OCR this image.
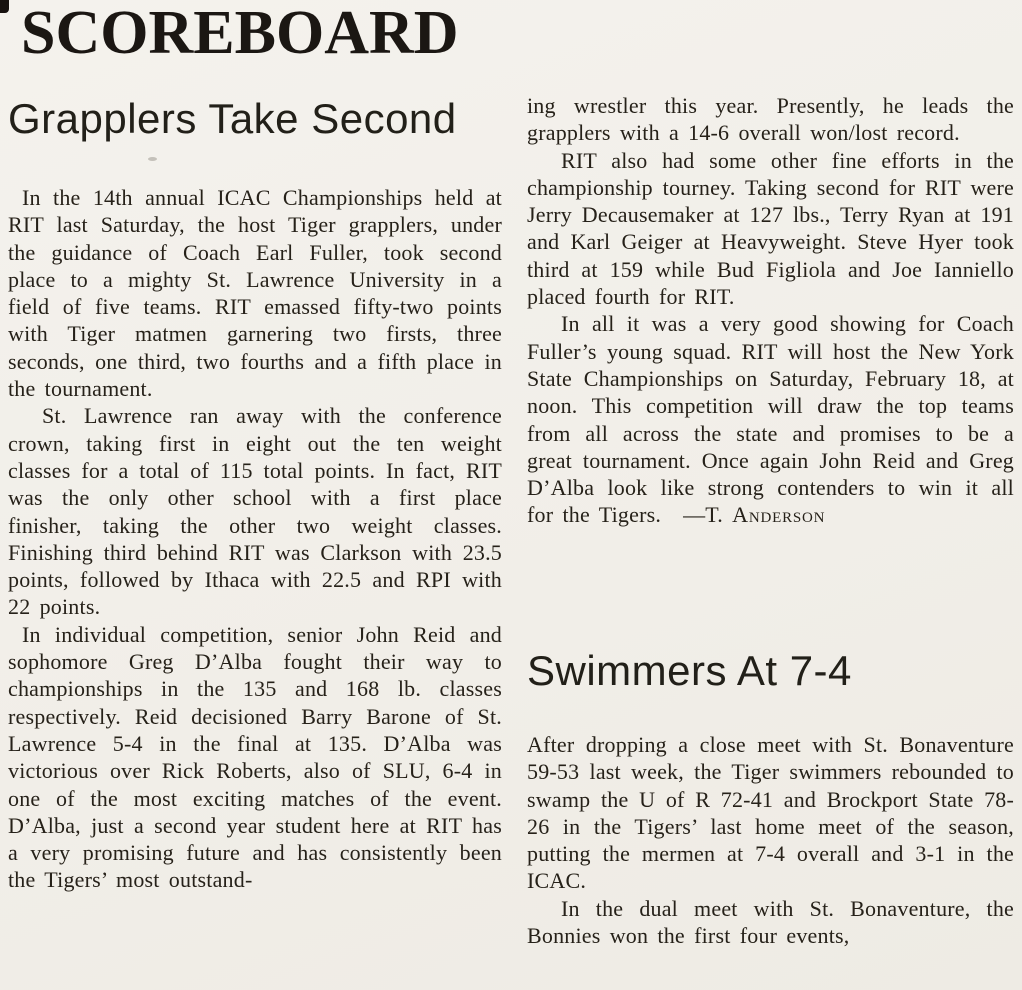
SCOREBOARD
Grapplers Take Second

In the 14th annual ICAC Championships held at RIT last Saturday, the host Tiger grapplers, under the guidance of Coach Earl Fuller, took second place to a mighty St. Lawrence University in a field of five teams. RIT emassed fifty-two points with Tiger matmen garnering two firsts, three seconds, one third, two fourths and a fifth place in the tournament.

St. Lawrence ran away with the conference crown, taking first in eight out the ten weight classes for a total of 115 total points. In fact, RIT was the only other school with a first place finisher, taking the other two weight classes. Finishing third behind RIT was Clarkson with 23.5 points, followed by Ithaca with 22.5 and RPI with 22 points.

In individual competition, senior John Reid and sophomore Greg D’Alba fought their way to championships in the 135 and 168 lb. classes respectively. Reid decisioned Barry Barone of St. Lawrence 5-4 in the final at 135. D’Alba was victorious over Rick Roberts, also of SLU, 6-4 in one of the most exciting matches of the event. D’Alba, just a second year student here at RIT has a very promising future and has consistently been the Tigers’ most outstand-

ing wrestler this year. Presently, he leads the grapplers with a 14-6 overall won/lost record.

RIT also had some other fine efforts in the championship tourney. Taking second for RIT were Jerry Decausemaker at 127 lbs., Terry Ryan at 191 and Karl Geiger at Heavyweight. Steve Hyer took third at 159 while Bud Figliola and Joe Ianniello placed fourth for RIT.

In all it was a very good showing for Coach Fuller’s young squad. RIT will host the New York State Championships on Saturday, February 18, at noon. This competition will draw the top teams from all across the state and promises to be a great tournament. Once again John Reid and Greg D’Alba look like strong contenders to win it all for the Tigers. —T. Anderson

Swimmers At 7-4

After dropping a close meet with St. Bonaventure 59-53 last week, the Tiger swimmers rebounded to swamp the U of R 72-41 and Brockport State 78-26 in the Tigers’ last home meet of the season, putting the mermen at 7-4 overall and 3-1 in the ICAC.

In the dual meet with St. Bonaventure, the Bonnies won the first four events,
